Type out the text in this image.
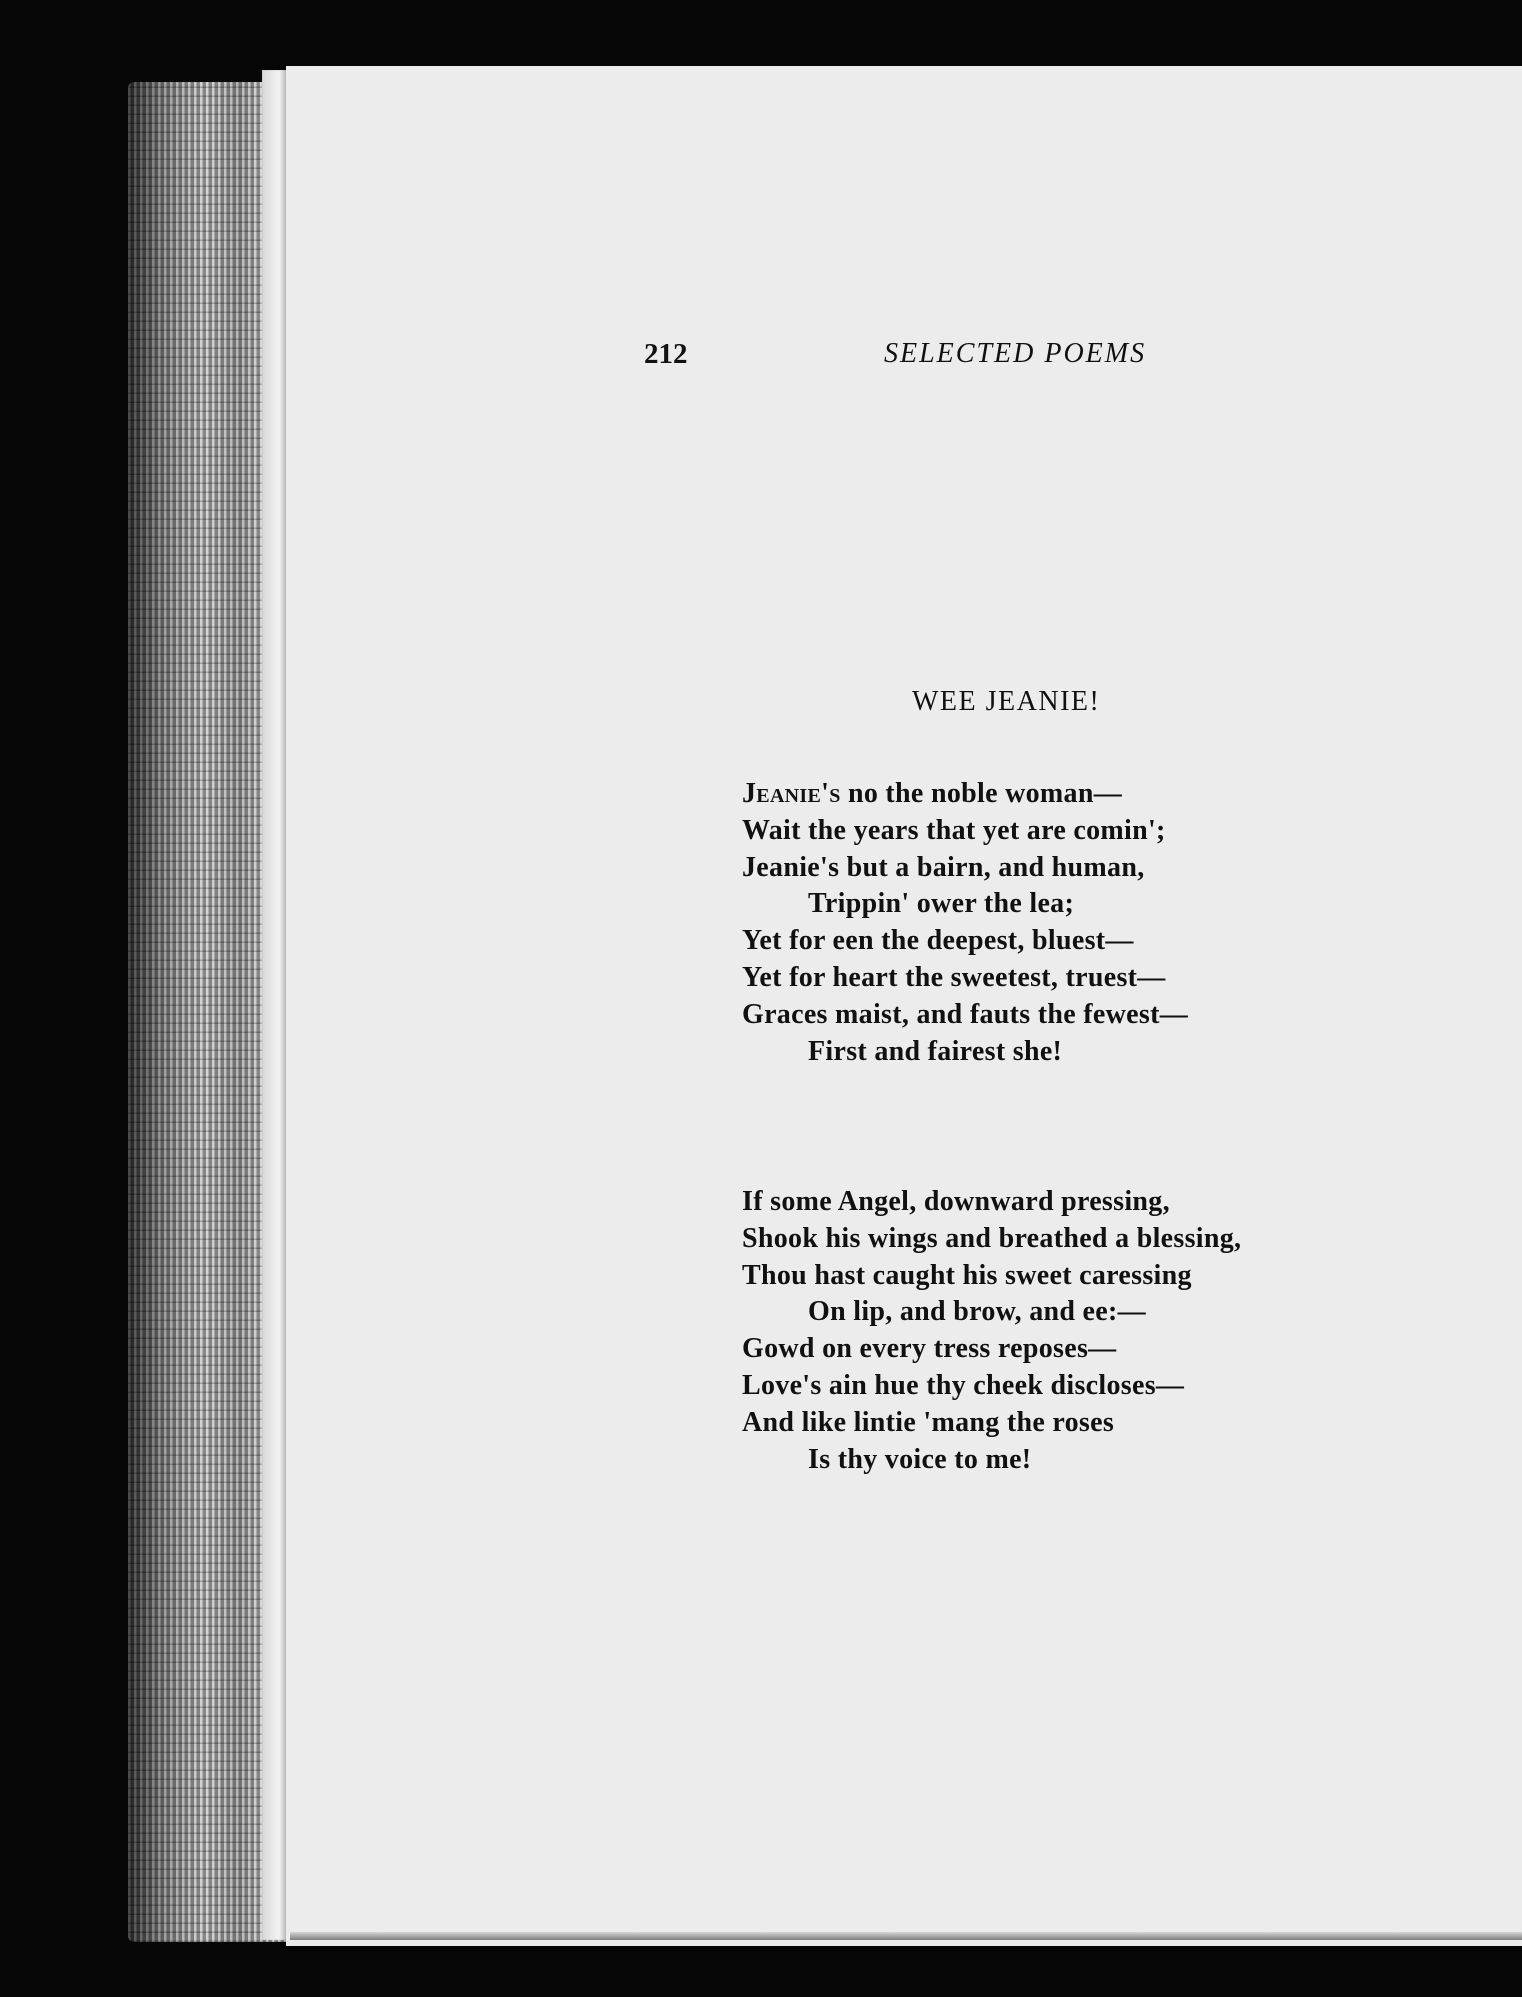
212	SELECTED POEMS
WEE JEANIE!
Jeanie's no the noble woman—
Wait the years that yet are comin';
Jeanie's but a bairn, and human,
Trippin' ower the lea;
Yet for een the deepest, bluest—
Yet for heart the sweetest, truest—
Graces maist, and fauts the fewest—
First and fairest she!
If some Angel, downward pressing,
Shook his wings and breathed a blessing,
Thou hast caught his sweet caressing
On lip, and brow, and ee:—
Gowd on every tress reposes—
Love's ain hue thy cheek discloses—
And like lintie 'mang the roses
Is thy voice to me!
